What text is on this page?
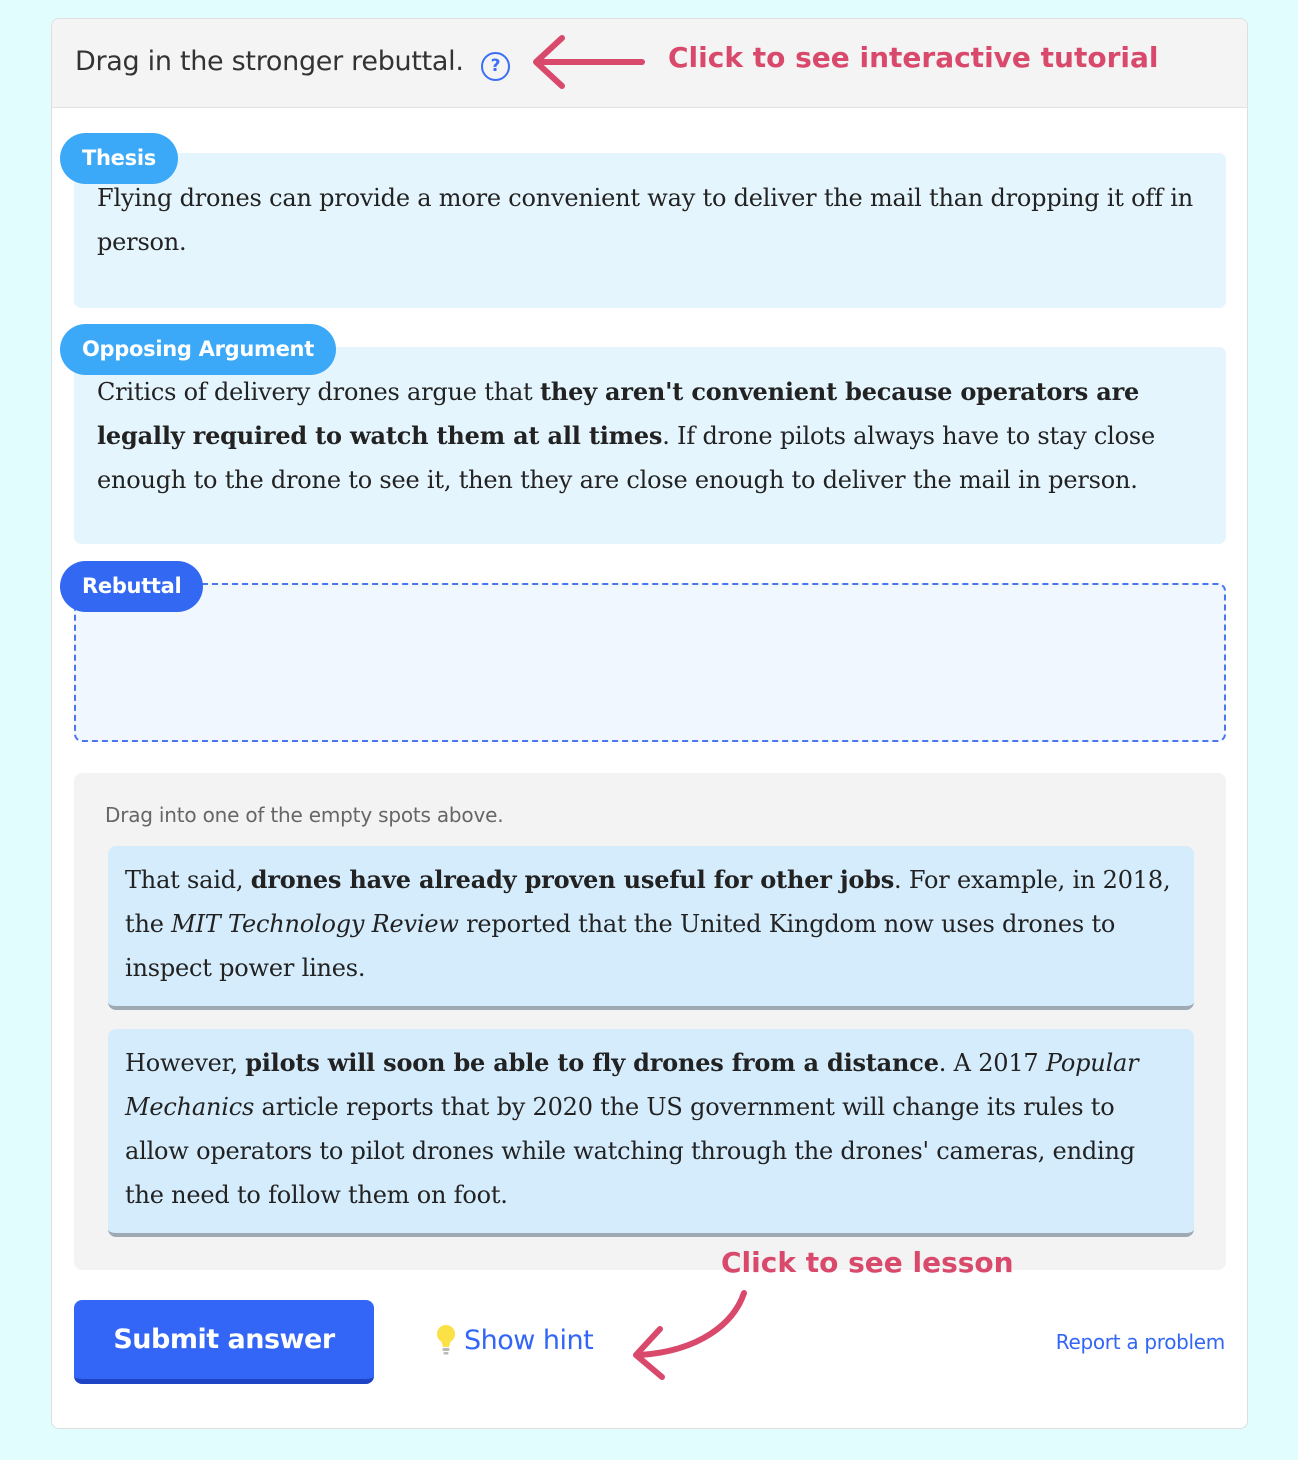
Drag in the stronger rebuttal.	?	Click to see interactive tutorial
Flying drones can provide a more convenient way to deliver the mail than dropping it off in person.
Thesis
Critics of delivery drones argue that they aren't convenient because operators are legally required to watch them at all times. If drone pilots always have to stay close enough to the drone to see it, then they are close enough to deliver the mail in person.
Opposing Argument
Rebuttal
Drag into one of the empty spots above.
That said, drones have already proven useful for other jobs. For example, in 2018, the MIT Technology Review reported that the United Kingdom now uses drones to inspect power lines.
However, pilots will soon be able to fly drones from a distance. A 2017 Popular Mechanics article reports that by 2020 the US government will change its rules to allow operators to pilot drones while watching through the drones' cameras, ending the need to follow them on foot.
Click to see lesson
Submit answer	Show hint	Report a problem
